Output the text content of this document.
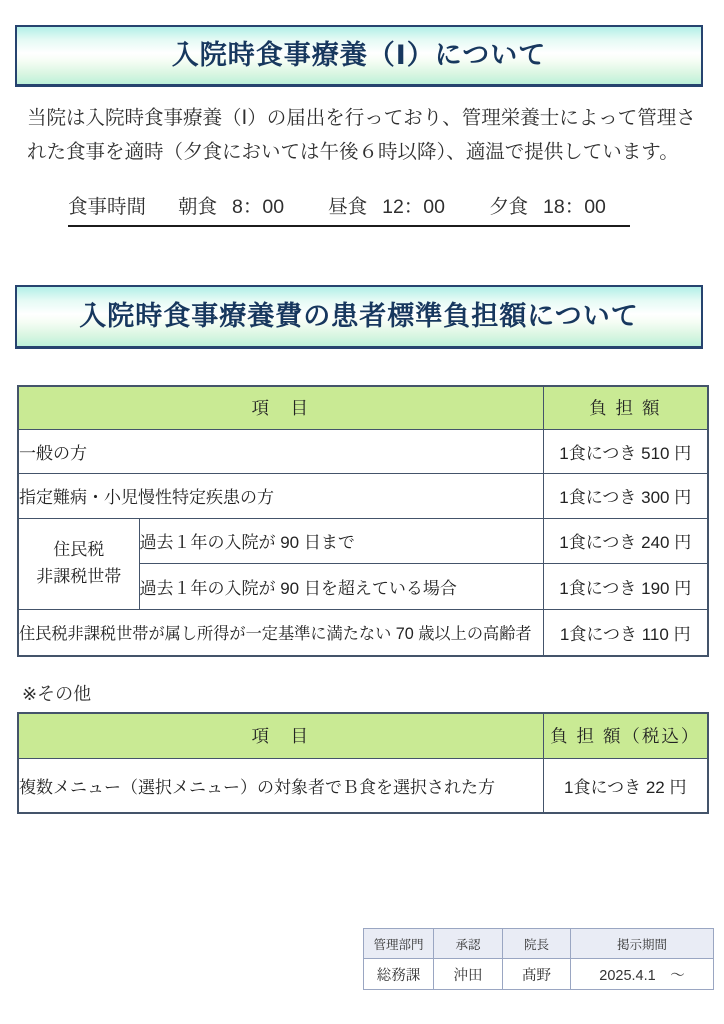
入院時食事療養（Ⅰ）について
当院は入院時食事療養（Ⅰ）の届出を行っており、管理栄養士によって管理された食事を適時（夕食においては午後６時以降）、適温で提供しています。
食事時間 朝食 8：00 昼食 12：00 夕食 18：00
入院時食事療養費の患者標準負担額について
項　目		負 担 額
一般の方		1食につき 510 円
指定難病・小児慢性特定疾患の方		1食につき 300 円

住民税
非課税世帯	過去１年の入院が 90 日まで	1食につき 240 円
	過去１年の入院が 90 日を超えている場合	1食につき 190 円
住民税非課税世帯が属し所得が一定基準に満たない 70 歳以上の高齢者		1食につき 110 円
※その他
項　目	負 担 額（税込）
複数メニュー（選択メニュー）の対象者でＢ食を選択された方	1食につき 22 円
管理部門	承認	院長	掲示期間
総務課	沖田	髙野	2025.4.1　～
